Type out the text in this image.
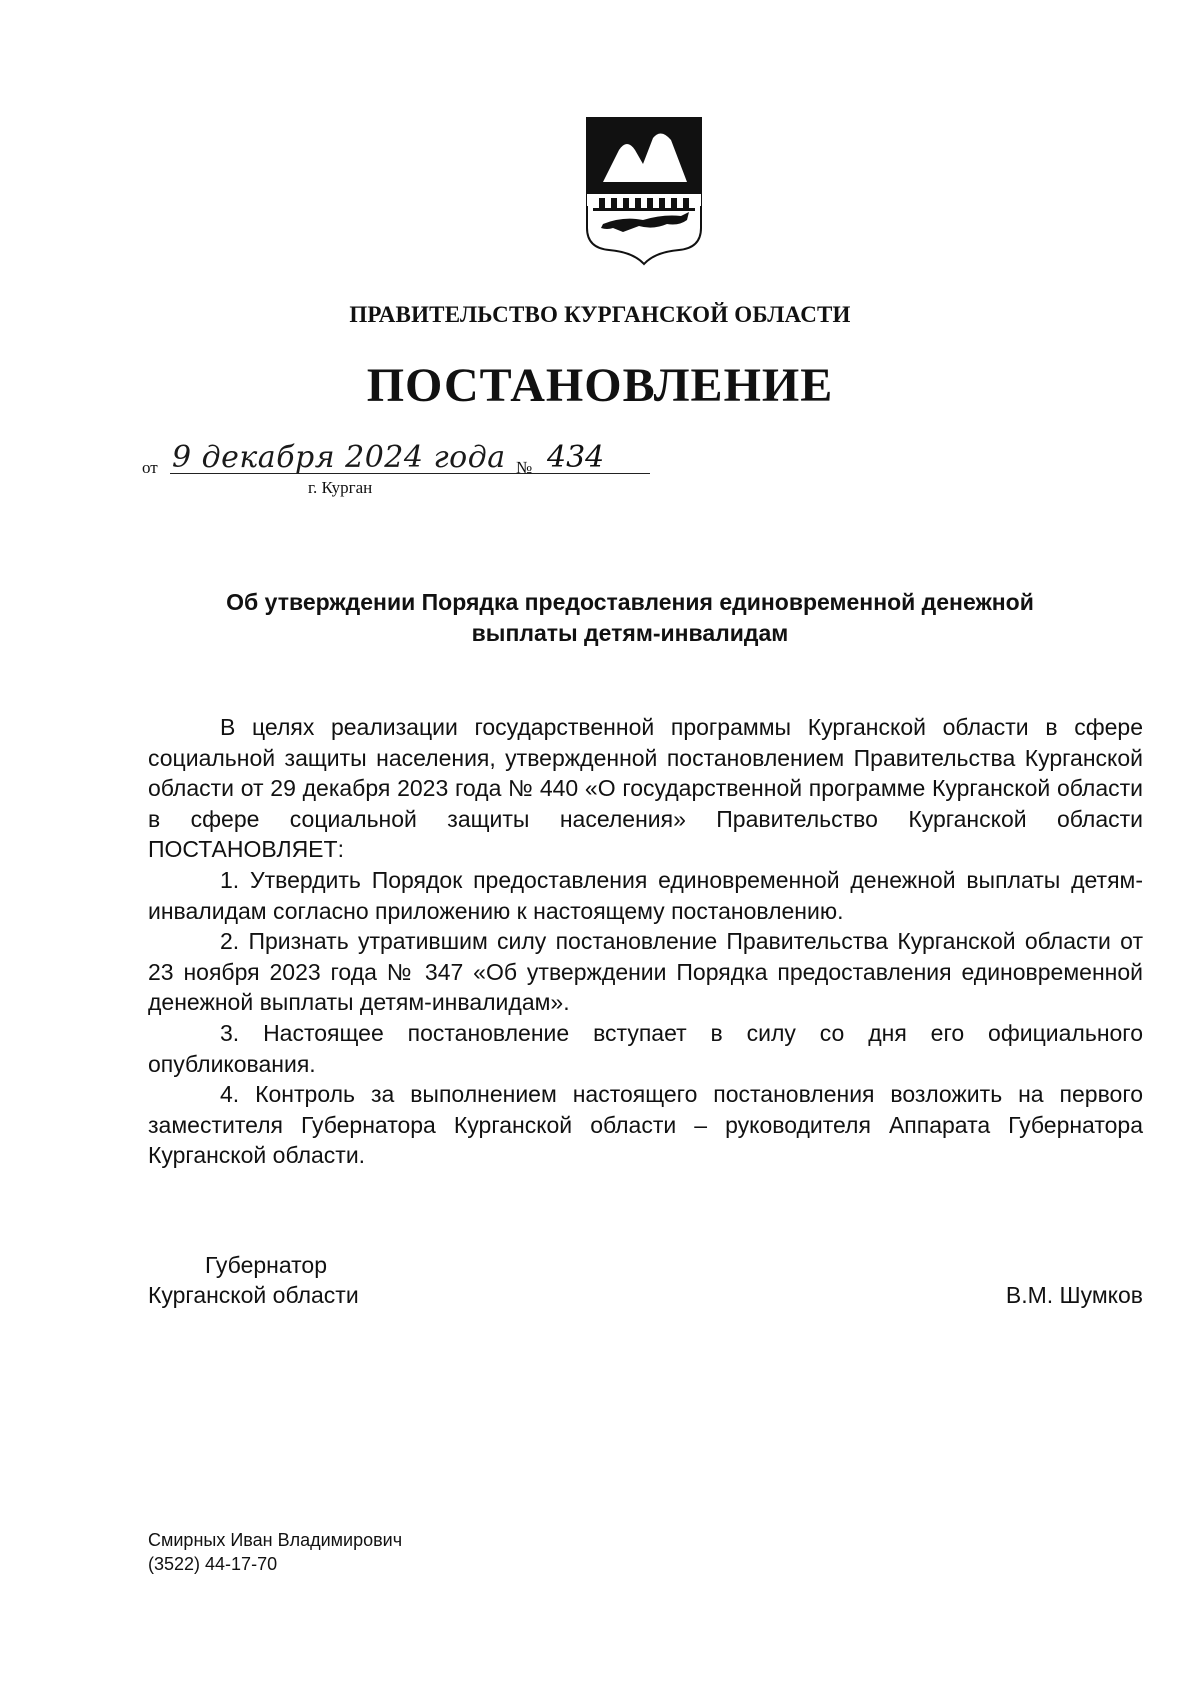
ПРАВИТЕЛЬСТВО КУРГАНСКОЙ ОБЛАСТИ
ПОСТАНОВЛЕНИЕ
от 9 декабря 2024 года № 434
г. Курган
Об утверждении Порядка предоставления единовременной денежной
выплаты детям-инвалидам

В целях реализации государственной программы Курганской области в сфере социальной защиты населения, утвержденной постановлением Правительства Курганской области от 29 декабря 2023 года № 440 «О государственной программе Курганской области в сфере социальной защиты населения» Правительство Курганской области ПОСТАНОВЛЯЕТ:

1. Утвердить Порядок предоставления единовременной денежной выплаты детям-инвалидам согласно приложению к настоящему постановлению.

2. Признать утратившим силу постановление Правительства Курганской области от 23 ноября 2023 года № 347 «Об утверждении Порядка предоставления единовременной денежной выплаты детям-инвалидам».

3. Настоящее постановление вступает в силу со дня его официального опубликования.

4. Контроль за выполнением настоящего постановления возложить на первого заместителя Губернатора Курганской области – руководителя Аппарата Губернатора Курганской области.

Губернатор
Курганской области	В.М. Шумков
Смирных Иван Владимирович
(3522) 44-17-70
